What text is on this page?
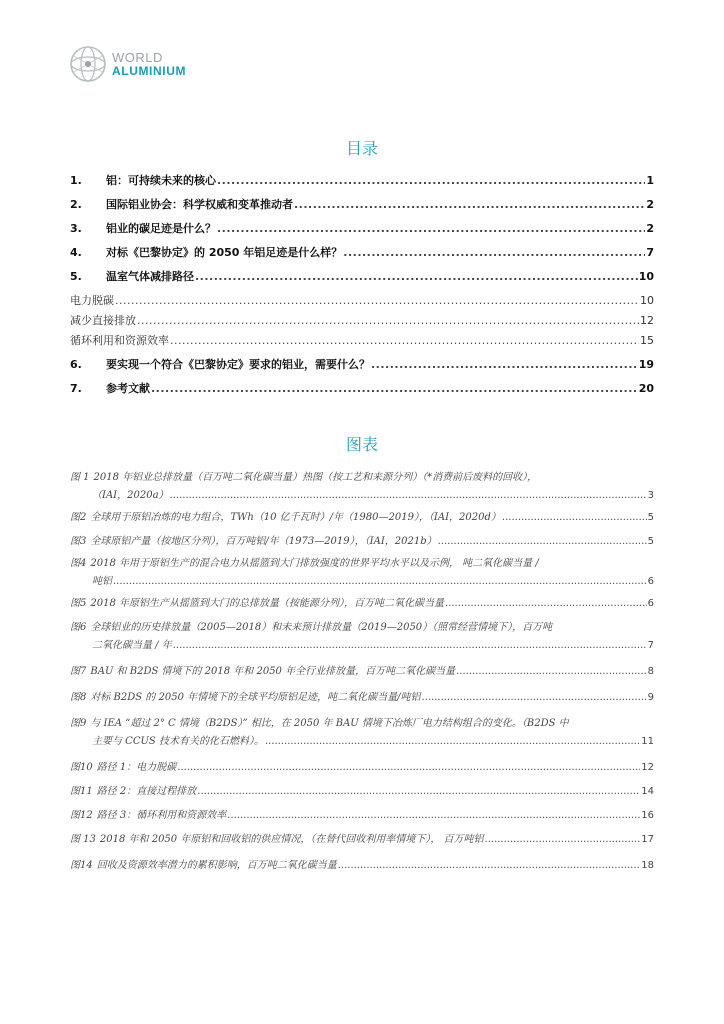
WORLD
ALUMINIUM
目录
1.	铝：可持续未来的核心 .....	1
2.	国际铝业协会：科学权威和变革推动者 .....	2
3.	铝业的碳足迹是什么？ .....	2
4.	对标《巴黎协定》的 2050 年铝足迹是什么样？ .....	7
5.	温室气体减排路径 .....	10
电力脱碳 .....	10
减少直接排放 .....	12
循环利用和资源效率 .....	15
6.	要实现一个符合《巴黎协定》要求的铝业，需要什么？ .....	19
7.	参考文献 .....	20
图表
图 1 2018 年铝业总排放量（百万吨二氧化碳当量）热图（按工艺和来源分列）（*消费前后废料的回收），
（IAI，2020a） .....	3
图2 全球用于原铝冶炼的电力组合，TWh（10 亿千瓦时）/年（1980—2019），（IAI，2020d） .....	5
图3 全球原铝产量（按地区分列），百万吨铝/年（1973—2019），（IAI，2021b） .....	5
图4 2018 年用于原铝生产的混合电力从摇篮到大门排放强度的世界平均水平以及示例， 吨二氧化碳当量 /
吨铝 .....	6
图5 2018 年原铝生产从摇篮到大门的总排放量（按能源分列），百万吨二氧化碳当量 .....	6
图6 全球铝业的历史排放量（2005—2018）和未来预计排放量（2019—2050）（照常经营情境下），百万吨
二氧化碳当量 / 年 .....	7
图7 BAU 和 B2DS 情境下的 2018 年和 2050 年全行业排放量，百万吨二氧化碳当量 .....	8
图8 对标 B2DS 的 2050 年情境下的全球平均原铝足迹，吨二氧化碳当量/吨铝 .....	9
图9 与 IEA “超过 2° C 情境（B2DS）” 相比，在 2050 年 BAU 情境下冶炼厂电力结构组合的变化。（B2DS 中
主要与 CCUS 技术有关的化石燃料）。 .....	11
图10 路径 1：电力脱碳 .....	12
图11 路径 2：直接过程排放 .....	14
图12 路径 3：循环利用和资源效率 .....	16
图 13 2018 年和 2050 年原铝和回收铝的供应情况，（在替代回收利用率情境下）， 百万吨铝 .....	17
图14 回收及资源效率潜力的累积影响，百万吨二氧化碳当量 .....	18
